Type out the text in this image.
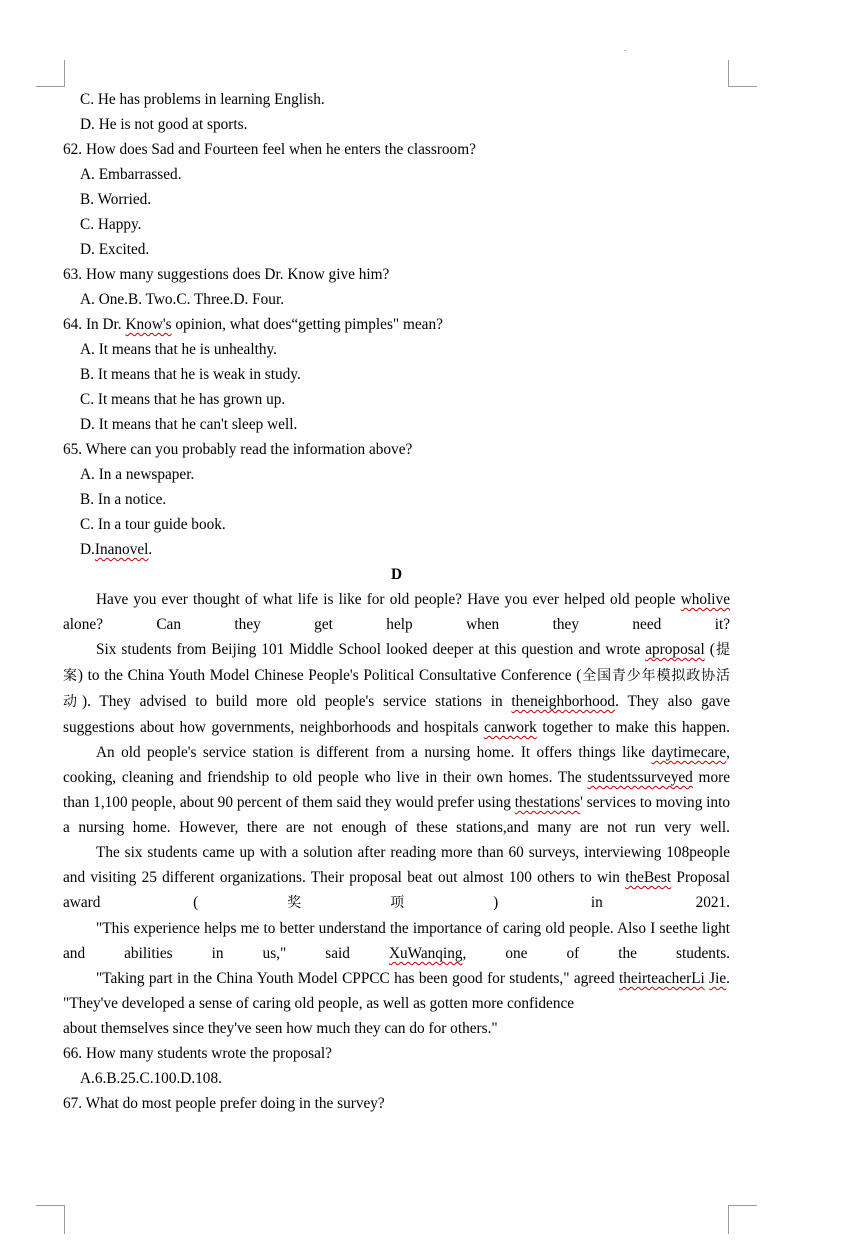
C. He has problems in learning English.
D. He is not good at sports.
62. How does Sad and Fourteen feel when he enters the classroom?
A. Embarrassed.
B. Worried.
C. Happy.
D. Excited.
63. How many suggestions does Dr. Know give him?
A. One.B. Two.C. Three.D. Four.
64. In Dr. Know's opinion, what does“getting pimples" mean?
A. It means that he is unhealthy.
B. It means that he is weak in study.
C. It means that he has grown up.
D. It means that he can't sleep well.
65. Where can you probably read the information above?
A. In a newspaper.
B. In a notice.
C. In a tour guide book.
D.Inanovel.
D
Have you ever thought of what life is like for old people? Have you ever helped old people wholive alone? Can they get help when they need it?
Six students from Beijing 101 Middle School looked deeper at this question and wrote aproposal (提案) to the China Youth Model Chinese People's Political Consultative Conference (全国青少年模拟政协活动). They advised to build more old people's service stations in theneighborhood. They also gave suggestions about how governments, neighborhoods and hospitals canwork together to make this happen.
An old people's service station is different from a nursing home. It offers things like daytimecare, cooking, cleaning and friendship to old people who live in their own homes. The studentssurveyed more than 1,100 people, about 90 percent of them said they would prefer using thestations' services to moving into a nursing home. However, there are not enough of these stations,and many are not run very well.
The six students came up with a solution after reading more than 60 surveys, interviewing 108people and visiting 25 different organizations. Their proposal beat out almost 100 others to win theBest Proposal award (奖项) in 2021.
"This experience helps me to better understand the importance of caring old people. Also I seethe light and abilities in us," said XuWanqing, one of the students.
"Taking part in the China Youth Model CPPCC has been good for students," agreed theirteacherLi Jie. "They've developed a sense of caring old people, as well as gotten more confidence
about themselves since they've seen how much they can do for others."
66. How many students wrote the proposal?
A.6.B.25.C.100.D.108.
67. What do most people prefer doing in the survey?
